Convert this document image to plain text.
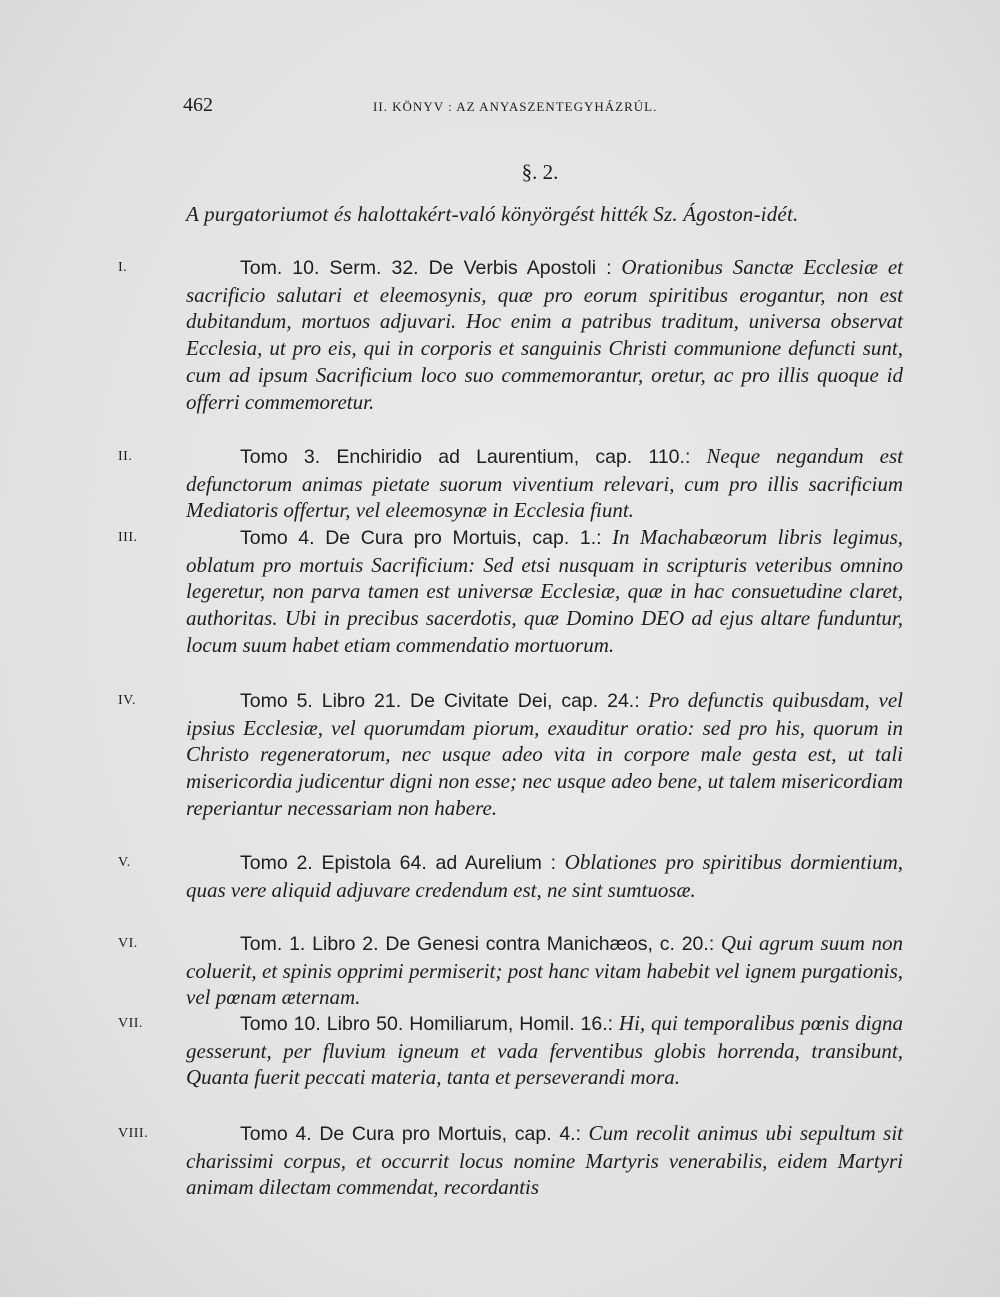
462	II. KÖNYV : AZ ANYASZENTEGYHÁZRÚL.
§. 2.
A purgatoriumot és halottakért-való könyörgést hitték Sz. Ágoston-idét.
I.	Tom. 10. Serm. 32. De Verbis Apostoli : Orationibus Sanctæ Ecclesiæ et sacrificio salutari et eleemosynis, quæ pro eorum spiritibus erogantur, non est dubitandum, mortuos adjuvari. Hoc enim a patribus traditum, universa observat Ecclesia, ut pro eis, qui in corporis et sanguinis Christi communione defuncti sunt, cum ad ipsum Sacrificium loco suo commemorantur, oretur, ac pro illis quoque id offerri commemoretur.
II.	Tomo 3. Enchiridio ad Laurentium, cap. 110.: Neque negandum est defunctorum animas pietate suorum viventium relevari, cum pro illis sacrificium Mediatoris offertur, vel eleemosynæ in Ecclesia fiunt.
III.	Tomo 4. De Cura pro Mortuis, cap. 1.: In Machabæorum libris legimus, oblatum pro mortuis Sacrificium: Sed etsi nusquam in scripturis veteribus omnino legeretur, non parva tamen est universæ Ecclesiæ, quæ in hac consuetudine claret, authoritas. Ubi in precibus sacerdotis, quæ Domino DEO ad ejus altare funduntur, locum suum habet etiam commendatio mortuorum.
IV.	Tomo 5. Libro 21. De Civitate Dei, cap. 24.: Pro defunctis quibusdam, vel ipsius Ecclesiæ, vel quorumdam piorum, exauditur oratio: sed pro his, quorum in Christo regeneratorum, nec usque adeo vita in corpore male gesta est, ut tali misericordia judicentur digni non esse; nec usque adeo bene, ut talem misericordiam reperiantur necessariam non habere.
V.	Tomo 2. Epistola 64. ad Aurelium : Oblationes pro spiritibus dormientium, quas vere aliquid adjuvare credendum est, ne sint sumtuosæ.
VI.	Tom. 1. Libro 2. De Genesi contra Manichæos, c. 20.: Qui agrum suum non coluerit, et spinis opprimi permiserit; post hanc vitam habebit vel ignem purgationis, vel pœnam æternam.
VII.	Tomo 10. Libro 50. Homiliarum, Homil. 16.: Hi, qui temporalibus pœnis digna gesserunt, per fluvium igneum et vada ferventibus globis horrenda, transibunt, Quanta fuerit peccati materia, tanta et perseverandi mora.
VIII.	Tomo 4. De Cura pro Mortuis, cap. 4.: Cum recolit animus ubi sepultum sit charissimi corpus, et occurrit locus nomine Martyris venerabilis, eidem Martyri animam dilectam commendat, recordantis
